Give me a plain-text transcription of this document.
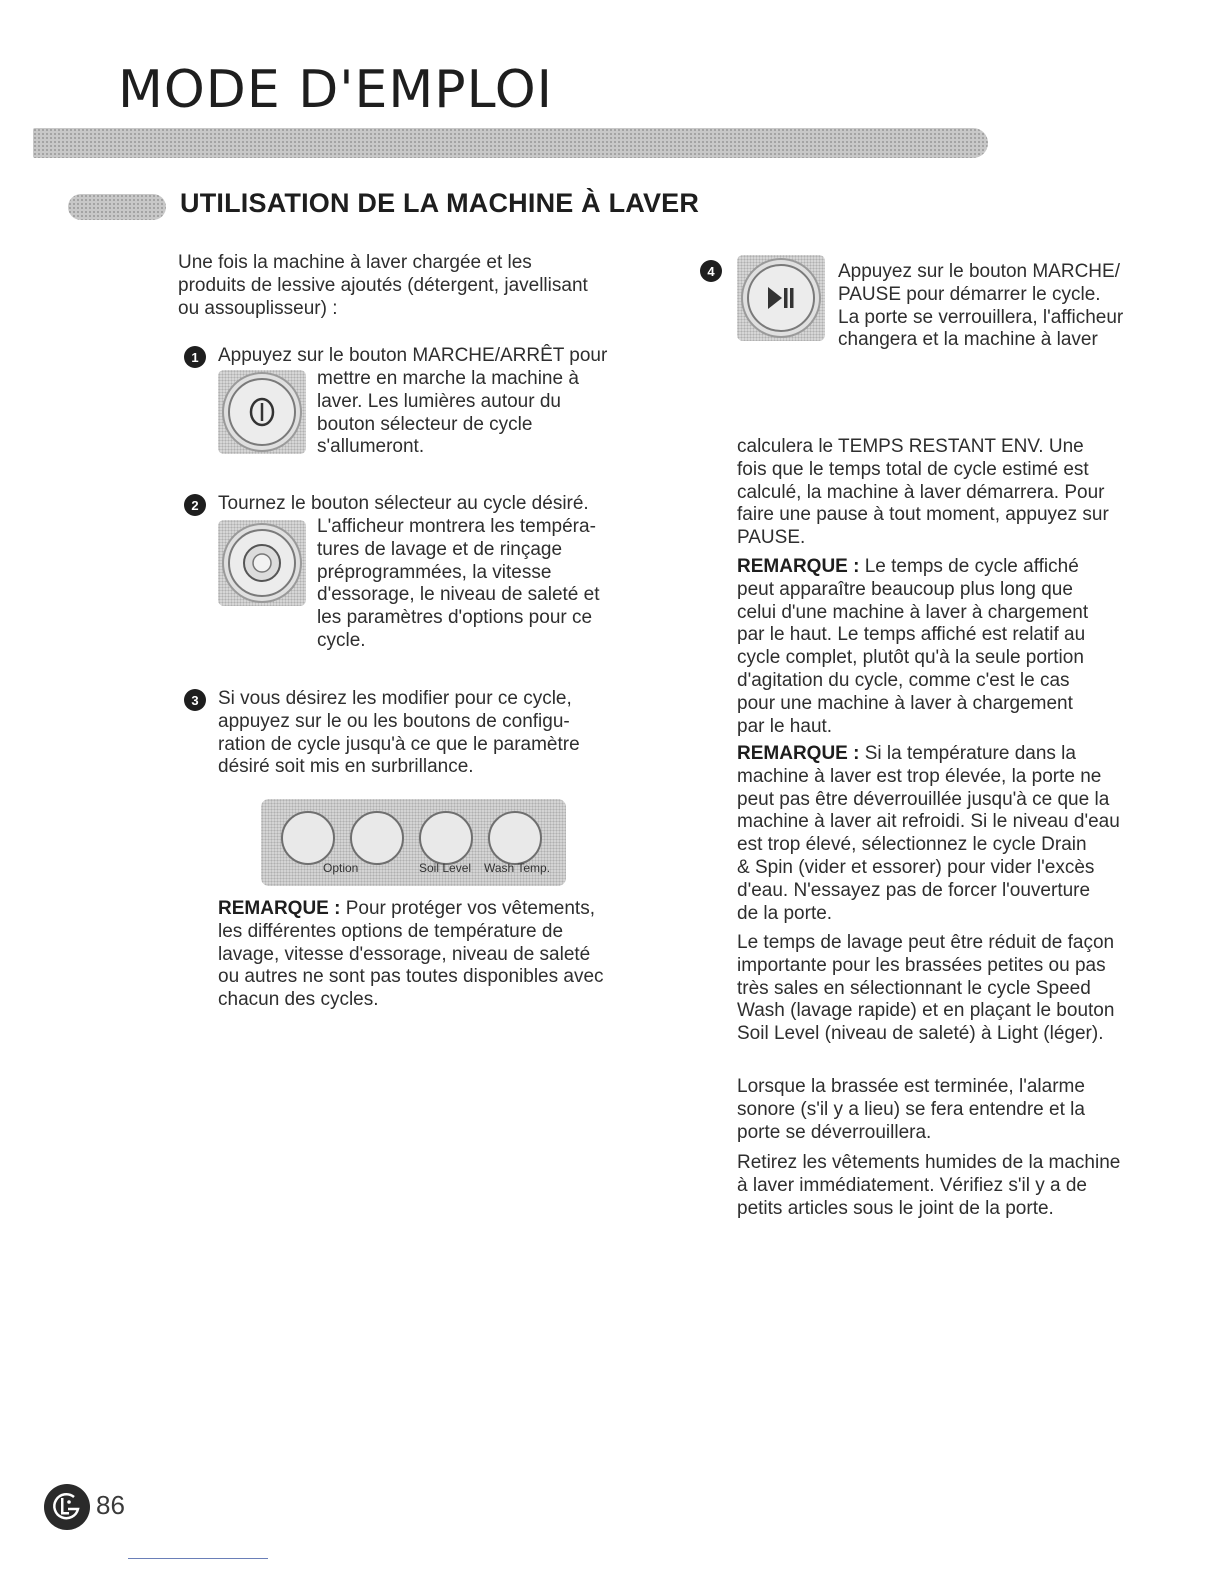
MODE D'EMPLOI
UTILISATION DE LA MACHINE À LAVER

Une fois la machine à laver chargée et les
produits de lessive ajoutés (détergent, javellisant
ou assouplisseur) :

1	Appuyez sur le bouton MARCHE/ARRÊT pour

mettre en marche la machine à
laver. Les lumières autour du
bouton sélecteur de cycle
s'allumeront.

2	Tournez le bouton sélecteur au cycle désiré.

L'afficheur montrera les tempéra-
tures de lavage et de rinçage
préprogrammées, la vitesse
d'essorage, le niveau de saleté et
les paramètres d'options pour ce
cycle.

3	Si vous désirez les modifier pour ce cycle,
appuyez sur le ou les boutons de configu-
ration de cycle jusqu'à ce que le paramètre
désiré soit mis en surbrillance.

Option	Soil Level Wash Temp.

REMARQUE : Pour protéger vos vêtements,
les différentes options de température de
lavage, vitesse d'essorage, niveau de saleté
ou autres ne sont pas toutes disponibles avec
chacun des cycles.

4	Appuyez sur le bouton MARCHE/
PAUSE pour démarrer le cycle.
La porte se verrouillera, l'afficheur
changera et la machine à laver

calculera le TEMPS RESTANT ENV. Une
fois que le temps total de cycle estimé est
calculé, la machine à laver démarrera. Pour
faire une pause à tout moment, appuyez sur
PAUSE.

REMARQUE : Le temps de cycle affiché
peut apparaître beaucoup plus long que
celui d'une machine à laver à chargement
par le haut. Le temps affiché est relatif au
cycle complet, plutôt qu'à la seule portion
d'agitation du cycle, comme c'est le cas
pour une machine à laver à chargement
par le haut.

REMARQUE : Si la température dans la
machine à laver est trop élevée, la porte ne
peut pas être déverrouillée jusqu'à ce que la
machine à laver ait refroidi. Si le niveau d'eau
est trop élevé, sélectionnez le cycle Drain
& Spin (vider et essorer) pour vider l'excès
d'eau. N'essayez pas de forcer l'ouverture
de la porte.

Le temps de lavage peut être réduit de façon
importante pour les brassées petites ou pas
très sales en sélectionnant le cycle Speed
Wash (lavage rapide) et en plaçant le bouton
Soil Level (niveau de saleté) à Light (léger).

Lorsque la brassée est terminée, l'alarme
sonore (s'il y a lieu) se fera entendre et la
porte se déverrouillera.

Retirez les vêtements humides de la machine
à laver immédiatement. Vérifiez s'il y a de
petits articles sous le joint de la porte.

86
